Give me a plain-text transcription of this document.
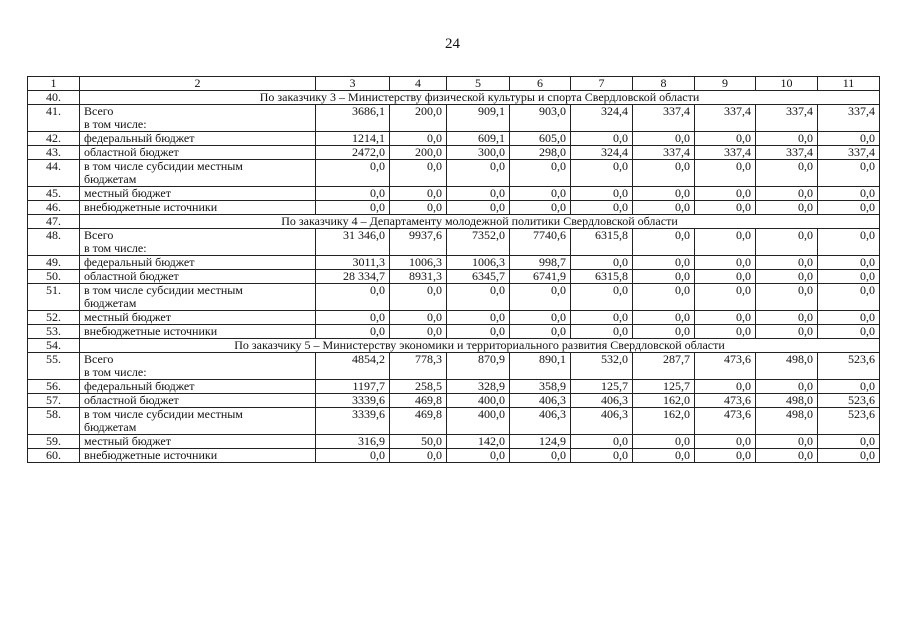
24
1	2	3	4	5	6	7	8	9	10	11
40.	По заказчику 3 – Министерству физической культуры и спорта Свердловской области									
41.	Всего
в том числе:	3686,1	200,0	909,1	903,0	324,4	337,4	337,4	337,4	337,4
42.	федеральный бюджет	1214,1	0,0	609,1	605,0	0,0	0,0	0,0	0,0	0,0
43.	областной бюджет	2472,0	200,0	300,0	298,0	324,4	337,4	337,4	337,4	337,4
44.	в том числе субсидии местным
бюджетам	0,0	0,0	0,0	0,0	0,0	0,0	0,0	0,0	0,0
45.	местный бюджет	0,0	0,0	0,0	0,0	0,0	0,0	0,0	0,0	0,0
46.	внебюджетные источники	0,0	0,0	0,0	0,0	0,0	0,0	0,0	0,0	0,0
47.	По заказчику 4 – Департаменту молодежной политики Свердловской области									
48.	Всего
в том числе:	31 346,0	9937,6	7352,0	7740,6	6315,8	0,0	0,0	0,0	0,0
49.	федеральный бюджет	3011,3	1006,3	1006,3	998,7	0,0	0,0	0,0	0,0	0,0
50.	областной бюджет	28 334,7	8931,3	6345,7	6741,9	6315,8	0,0	0,0	0,0	0,0
51.	в том числе субсидии местным
бюджетам	0,0	0,0	0,0	0,0	0,0	0,0	0,0	0,0	0,0
52.	местный бюджет	0,0	0,0	0,0	0,0	0,0	0,0	0,0	0,0	0,0
53.	внебюджетные источники	0,0	0,0	0,0	0,0	0,0	0,0	0,0	0,0	0,0
54.	По заказчику 5 – Министерству экономики и территориального развития Свердловской области									
55.	Всего
в том числе:	4854,2	778,3	870,9	890,1	532,0	287,7	473,6	498,0	523,6
56.	федеральный бюджет	1197,7	258,5	328,9	358,9	125,7	125,7	0,0	0,0	0,0
57.	областной бюджет	3339,6	469,8	400,0	406,3	406,3	162,0	473,6	498,0	523,6
58.	в том числе субсидии местным
бюджетам	3339,6	469,8	400,0	406,3	406,3	162,0	473,6	498,0	523,6
59.	местный бюджет	316,9	50,0	142,0	124,9	0,0	0,0	0,0	0,0	0,0
60.	внебюджетные источники	0,0	0,0	0,0	0,0	0,0	0,0	0,0	0,0	0,0
